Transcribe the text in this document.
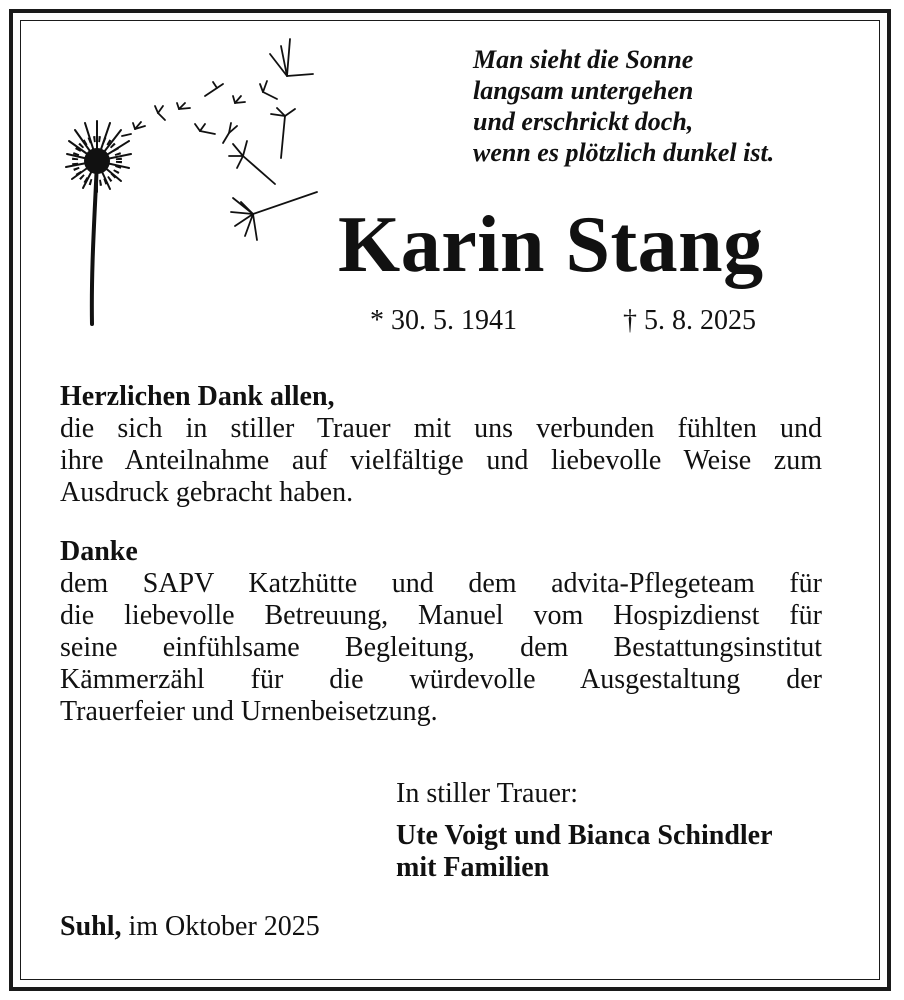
Man sieht die Sonne
langsam untergehen
und erschrickt doch,
wenn es plötzlich dunkel ist.
Karin Stang
* 30. 5. 1941	† 5. 8. 2025
Herzlichen Dank allen,
die sich in stiller Trauer mit uns verbunden fühlten und
ihre Anteilnahme auf vielfältige und liebevolle Weise zum
Ausdruck gebracht haben.
Danke
dem SAPV Katzhütte und dem advita-Pflegeteam für
die liebevolle Betreuung, Manuel vom Hospizdienst für
seine einfühlsame Begleitung, dem Bestattungsinstitut
Kämmerzähl für die würdevolle Ausgestaltung der
Trauerfeier und Urnenbeisetzung.
In stiller Trauer:
Ute Voigt und Bianca Schindler
mit Familien
Suhl, im Oktober 2025
